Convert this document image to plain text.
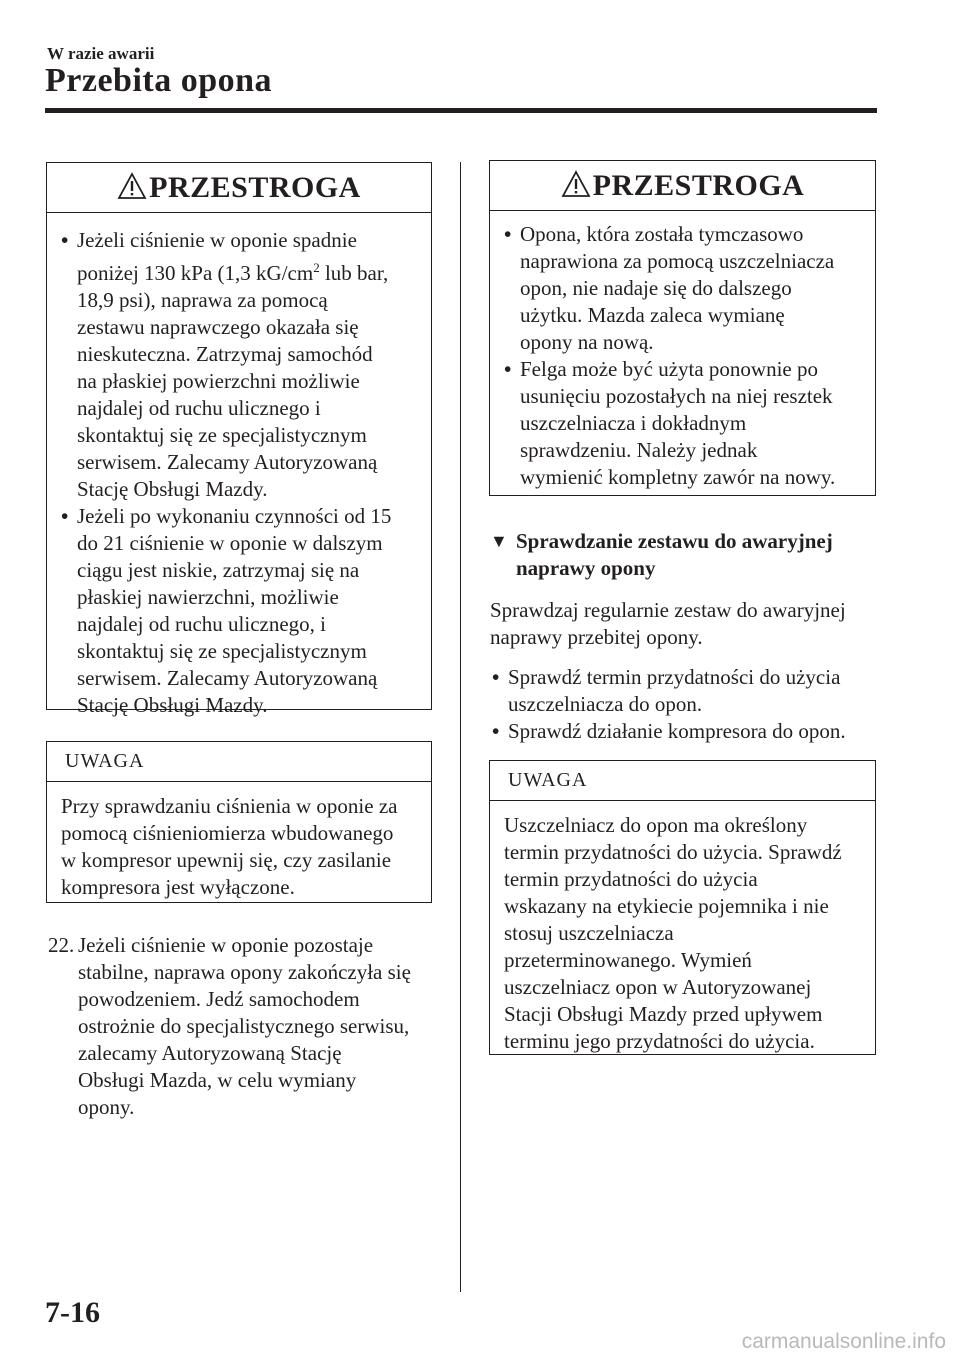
W razie awarii
Przebita opona
PRZESTROGA
• Jeżeli ciśnienie w oponie spadnie
poniżej 130 kPa (1,3 $kG/cm^2$ lub bar,
18,9 psi), naprawa za pomocą
zestawu naprawczego okazała się
nieskuteczna. Zatrzymaj samochód
na płaskiej powierzchni możliwie
najdalej od ruchu ulicznego i
skontaktuj się ze specjalistycznym
serwisem. Zalecamy Autoryzowaną
Stację Obsługi Mazdy.
• Jeżeli po wykonaniu czynności od 15
do 21 ciśnienie w oponie w dalszym
ciągu jest niskie, zatrzymaj się na
płaskiej nawierzchni, możliwie
najdalej od ruchu ulicznego, i
skontaktuj się ze specjalistycznym
serwisem. Zalecamy Autoryzowaną
Stację Obsługi Mazdy.
UWAGA
Przy sprawdzaniu ciśnienia w oponie za
pomocą ciśnieniomierza wbudowanego
w kompresor upewnij się, czy zasilanie
kompresora jest wyłączone.
22. Jeżeli ciśnienie w oponie pozostaje
stabilne, naprawa opony zakończyła się
powodzeniem. Jedź samochodem
ostrożnie do specjalistycznego serwisu,
zalecamy Autoryzowaną Stację
Obsługi Mazda, w celu wymiany
opony.
PRZESTROGA
• Opona, która została tymczasowo
naprawiona za pomocą uszczelniacza
opon, nie nadaje się do dalszego
użytku. Mazda zaleca wymianę
opony na nową.
• Felga może być użyta ponownie po
usunięciu pozostałych na niej resztek
uszczelniacza i dokładnym
sprawdzeniu. Należy jednak
wymienić kompletny zawór na nowy.
▼ Sprawdzanie zestawu do awaryjnej
naprawy opony
Sprawdzaj regularnie zestaw do awaryjnej
naprawy przebitej opony.
• Sprawdź termin przydatności do użycia
uszczelniacza do opon.
• Sprawdź działanie kompresora do opon.
UWAGA
Uszczelniacz do opon ma określony
termin przydatności do użycia. Sprawdź
termin przydatności do użycia
wskazany na etykiecie pojemnika i nie
stosuj uszczelniacza
przeterminowanego. Wymień
uszczelniacz opon w Autoryzowanej
Stacji Obsługi Mazdy przed upływem
terminu jego przydatności do użycia.
7-16
carmanualsonline.info
